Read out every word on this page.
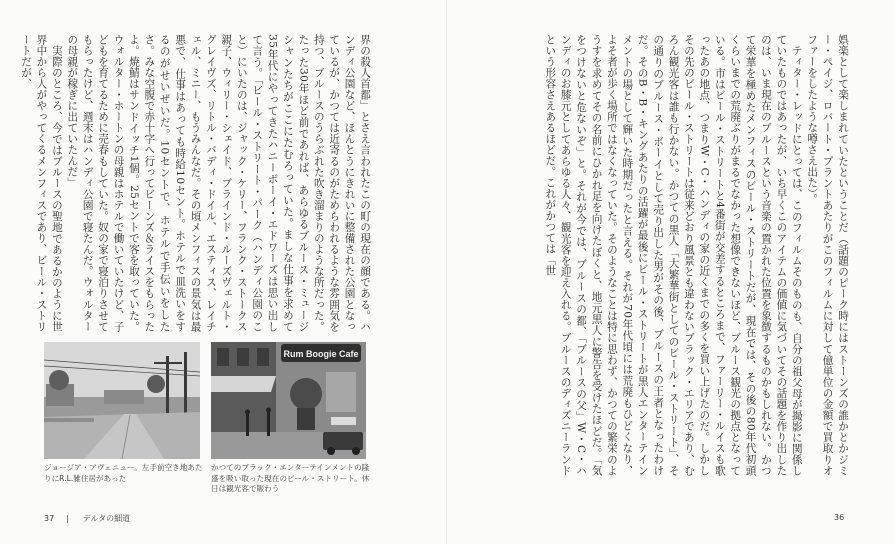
娯楽として楽しまれていたということだ（話題のピーク時にはストーンズの誰かとかジミー・ペイジ、ロバート・プラントあたりがこのフィルムに対して億単位の金額で買取りオファーをしたような噂さえ出た）。

ティター・レッドにとっては、このフィルムそのものも、自分の祖父母が撮影に関係していたものではあったが、いち早くこのアイテムの価値に気づいてその話題を作り出したのは、いま現在のブルースという音楽の置かれた位置を象徴するものかもしれない。かつて栄華を極めたメンフィスのビール・ストリートだが、現在では、その後の80年代初頭くらいまでの荒廃ぶりがまるでなかった想像できないほど、ブルース観光の拠点となっている。市はビール・ストリートと4番街が交差するところまで、ファーリー・ルイスも歌ったあの地点、つまりW・C・ハンディの家の近くまでの多くを買い上げたのだ。しかしその先のビール・ストリートは従来どおり風景とも違わないブラック・エリアであり、むろん観光客は誰も行かない。かつての黒人「大繁華街としてのビール・ストリート」、その通りのブルース・ボーイとして売り出した男がその後、ブルースの王者となったわけだ。そのB・B・キングあたりの活躍が最後にビール・ストリートが黒人エンターテインメントの場として輝いた時期だったと言える。それが70年代頃には荒廃もひどくなり、よそ者が歩く場所ではなくなっていた。そのようなことは特に思わず、かつての繁栄のようすを求めてその名前にひかれ足を向けたぼくと、地元黒人に警告を受けたほどだ。「気をつけないと危ないぞ」と。それが今では、ブルースの都、「ブルースの父」W・C・ハンディのお膝元としてあらゆる人々、観光客を迎え入れる。ブルースのディズニーランドという形容さえあるほどだ。これがかつては「世

界の殺人首都」とさえ言われたこの町の現在の顔である。ハンディ公園など、ほんとうにきれいに整備された公園となっているが、かつては近寄るのがためらわれるような雰囲気を持つ、ブルースのうらぶれた吹き溜まりのような所だった。たった30年ほど前であれば、あらゆるブルース・ミュージシャンたちがここにたむろっていた。ましな仕事を求めて35年代にやってきたハニーボーイ・エドワーズは思い出して言う。「ビール・ストリート・パーク（ハンディ公園のこと）にいたのは、ジャック・ケリー、フランク・ストークス親子、ウィリー・シェイド、ブラインド・ルーズヴェルト・グレイヴズ、リトル・バディ・ドイル、エスティス、レイチェル、ミニー、もうみんなだ。その頃メンフィスの景気は最悪で、仕事はあっても時給10セント。ホテルで皿洗いをするのがせいぜいだ。10セントで、ホテルで手伝いをしたさ。みな空腹で赤十字へ行ってビーンズ＆ライスをもらったよ。焼鯖はサンドイッチ1個。25セントで客を取っていた。ウォルター・ホートンの母親はホテルで働いていたけど、子どもを育てるために売春もしていた。奴の家で寝泊りさせてもらったけど、週末はハンディ公園で寝たんだ。ウォルターの母親が稼ぎに出ていたんだ」

実際のところ、今ではブルースの聖地であるかのように世界中から人がやってくるメンフィスであり、ビール・ストリートだが、

Rum Boogie Cafe
ジョージア・アヴェニュー。左手前空き地あたりにR.L.雑住居があった
かつてのブラック・エンターテインメントの隆盛を吸い取った現在のビール・ストリート。休日は観光客で賑わう
37 | デルタの細道	36
